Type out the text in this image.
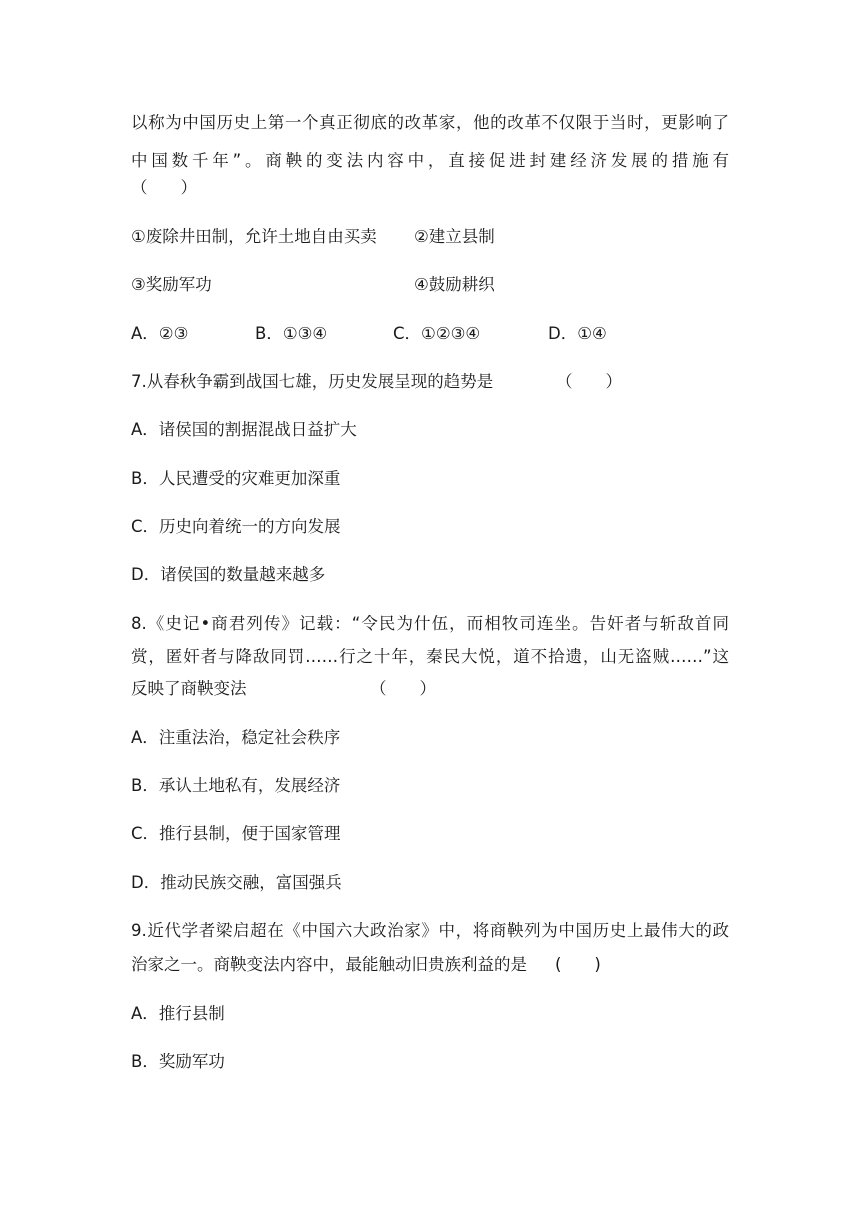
以称为中国历史上第一个真正彻底的改革家，他的改革不仅限于当时，更影响了
中国数千年”。商鞅的变法内容中，直接促进封建经济发展的措施有
（　　）
①废除井田制，允许土地自由买卖 ②建立县制
③奖励军功	④鼓励耕织
A．②③	B．①③④	C．①②③④	D．①④
7.从春秋争霸到战国七雄，历史发展呈现的趋势是	（　　）
A．诸侯国的割据混战日益扩大
B．人民遭受的灾难更加深重
C．历史向着统一的方向发展
D．诸侯国的数量越来越多
8.《史记•商君列传》记载：“令民为什伍，而相牧司连坐。告奸者与斩敌首同
赏，匿奸者与降敌同罚……行之十年，秦民大悦，道不拾遗，山无盗贼……”这
反映了商鞅变法	（　　）
A．注重法治，稳定社会秩序
B．承认土地私有，发展经济
C．推行县制，便于国家管理
D．推动民族交融，富国强兵
9.近代学者梁启超在《中国六大政治家》中，将商鞅列为中国历史上最伟大的政
治家之一。商鞅变法内容中，最能触动旧贵族利益的是 (　　)
A．推行县制
B．奖励军功
